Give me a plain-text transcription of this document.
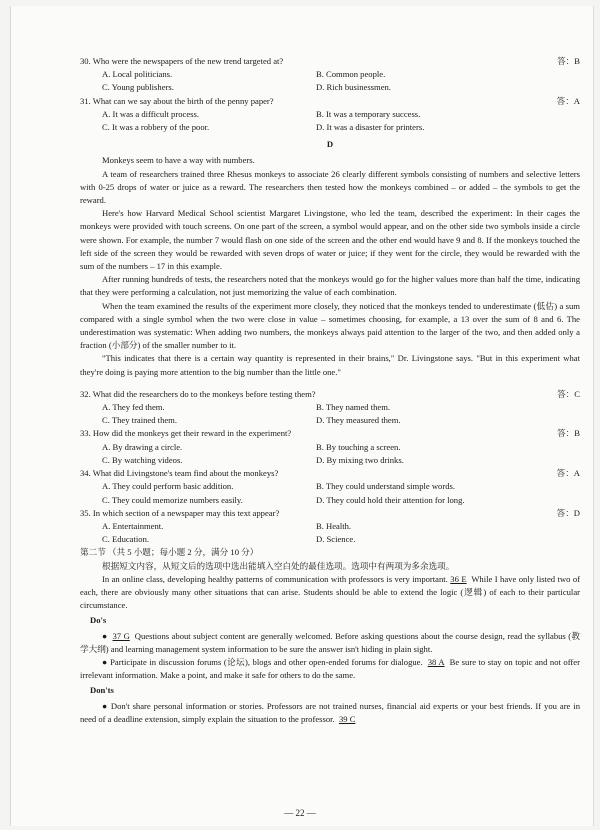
30. Who were the newspapers of the new trend targeted at?	答：B
A. Local politicians.	B. Common people.
C. Young publishers.	D. Rich businessmen.
31. What can we say about the birth of the penny paper?	答：A
A. It was a difficult process.	B. It was a temporary success.
C. It was a robbery of the poor.	D. It was a disaster for printers.
D

Monkeys seem to have a way with numbers.

A team of researchers trained three Rhesus monkeys to associate 26 clearly different symbols consisting of numbers and selective letters with 0-25 drops of water or juice as a reward. The researchers then tested how the monkeys combined – or added – the symbols to get the reward.

Here's how Harvard Medical School scientist Margaret Livingstone, who led the team, described the experiment: In their cages the monkeys were provided with touch screens. On one part of the screen, a symbol would appear, and on the other side two symbols inside a circle were shown. For example, the number 7 would flash on one side of the screen and the other end would have 9 and 8. If the monkeys touched the left side of the screen they would be rewarded with seven drops of water or juice; if they went for the circle, they would be rewarded with the sum of the numbers – 17 in this example.

After running hundreds of tests, the researchers noted that the monkeys would go for the higher values more than half the time, indicating that they were performing a calculation, not just memorizing the value of each combination.

When the team examined the results of the experiment more closely, they noticed that the monkeys tended to underestimate (低估) a sum compared with a single symbol when the two were close in value – sometimes choosing, for example, a 13 over the sum of 8 and 6. The underestimation was systematic: When adding two numbers, the monkeys always paid attention to the larger of the two, and then added only a fraction (小部分) of the smaller number to it.

"This indicates that there is a certain way quantity is represented in their brains," Dr. Livingstone says. "But in this experiment what they're doing is paying more attention to the big number than the little one."

32. What did the researchers do to the monkeys before testing them?	答：C
A. They fed them.	B. They named them.
C. They trained them.	D. They measured them.
33. How did the monkeys get their reward in the experiment?	答：B
A. By drawing a circle.	B. By touching a screen.
C. By watching videos.	D. By mixing two drinks.
34. What did Livingstone's team find about the monkeys?	答：A
A. They could perform basic addition.	B. They could understand simple words.
C. They could memorize numbers easily.	D. They could hold their attention for long.
35. In which section of a newspaper may this text appear?	答：D
A. Entertainment.	B. Health.
C. Education.	D. Science.

第二节 （共 5 小题；每小题 2 分，满分 10 分）

根据短文内容，从短文后的选项中选出能填入空白处的最佳选项。选项中有两项为多余选项。

In an online class, developing healthy patterns of communication with professors is very important. 36 E While I have only listed two of each, there are obviously many other situations that can arise. Students should be able to extend the logic (逻辑) of each to their particular circumstance.

Do's

● 37 G Questions about subject content are generally welcomed. Before asking questions about the course design, read the syllabus (教学大纲) and learning management system information to be sure the answer isn't hiding in plain sight.

● Participate in discussion forums (论坛), blogs and other open-ended forums for dialogue. 38 A Be sure to stay on topic and not offer irrelevant information. Make a point, and make it safe for others to do the same.

Don'ts

● Don't share personal information or stories. Professors are not trained nurses, financial aid experts or your best friends. If you are in need of a deadline extension, simply explain the situation to the professor. 39 C

— 22 —
